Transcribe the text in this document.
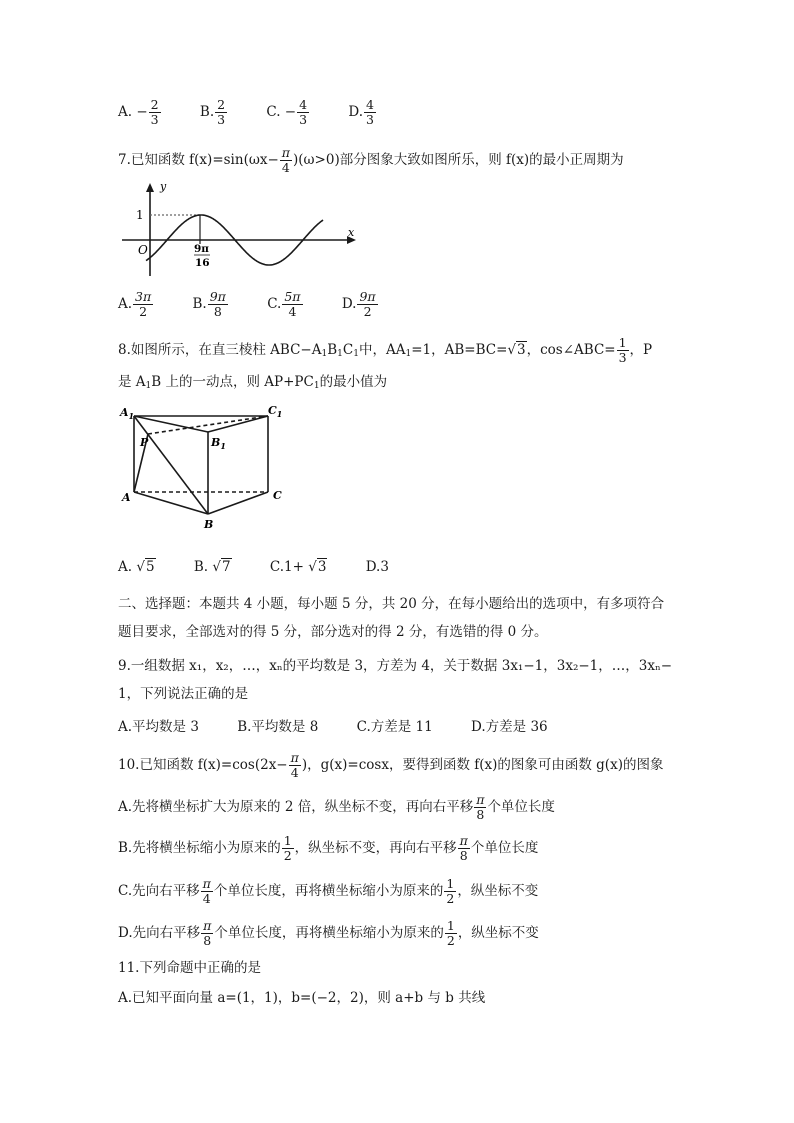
A. − $\frac{2}{3}$	B. $\frac{2}{3}$	C. − $\frac{4}{3}$	D. $\frac{4}{3}$
7.已知函数 $f(x)=\sin(\omega x- \frac{\pi}{4} )(\omega>0)$部分图象大致如图所乐，则 f(x)的最小正周期为
y
x
O
1
9π
16
A. $\frac{3\pi}{2}$	B. $\frac{9\pi}{8}$	C. $\frac{5\pi}{4}$	D. $\frac{9\pi}{2}$
8.如图所示，在直三棱柱 $ABC-A_1B_1C_1$中，$AA_1=1$，AB=BC=√3，cos∠ABC= $\frac{1}{3}$ ，P
是 $A_1B$ 上的一动点，则 $AP+PC_1$的最小值为
$A_1$	$C_1$
$B_1$
P
A
B
C
A. √5	B. √7	C.1+ √3	D.3
二、选择题：本题共 4 小题，每小题 5 分，共 20 分，在每小题给出的选项中，有多项符合
题目要求，全部选对的得 5 分，部分选对的得 2 分，有选错的得 0 分。
9.一组数据 x₁，x₂，…，xₙ的平均数是 3，方差为 4，关于数据 3x₁−1，3x₂−1，…，3xₙ−
1，下列说法正确的是
A.平均数是 3	B.平均数是 8	C.方差是 11	D.方差是 36
10.已知函数 $f(x)=\cos(2x- \frac{\pi}{4}$ )，g(x)=cosx，要得到函数 f(x)的图象可由函数 g(x)的图象
A.先将横坐标扩大为原来的 2 倍，纵坐标不变，再向右平移 $\frac{\pi}{8}$ 个单位长度
B.先将横坐标缩小为原来的 $\frac{1}{2}$ ，纵坐标不变，再向右平移 $\frac{\pi}{8}$ 个单位长度
C.先向右平移 $\frac{\pi}{4}$ 个单位长度，再将横坐标缩小为原来的 $\frac{1}{2}$ ，纵坐标不变
D.先向右平移 $\frac{\pi}{8}$ 个单位长度，再将横坐标缩小为原来的 $\frac{1}{2}$ ，纵坐标不变
11.下列命题中正确的是
A.已知平面向量 a=(1，1)，b=(−2，2)，则 a+b 与 b 共线
